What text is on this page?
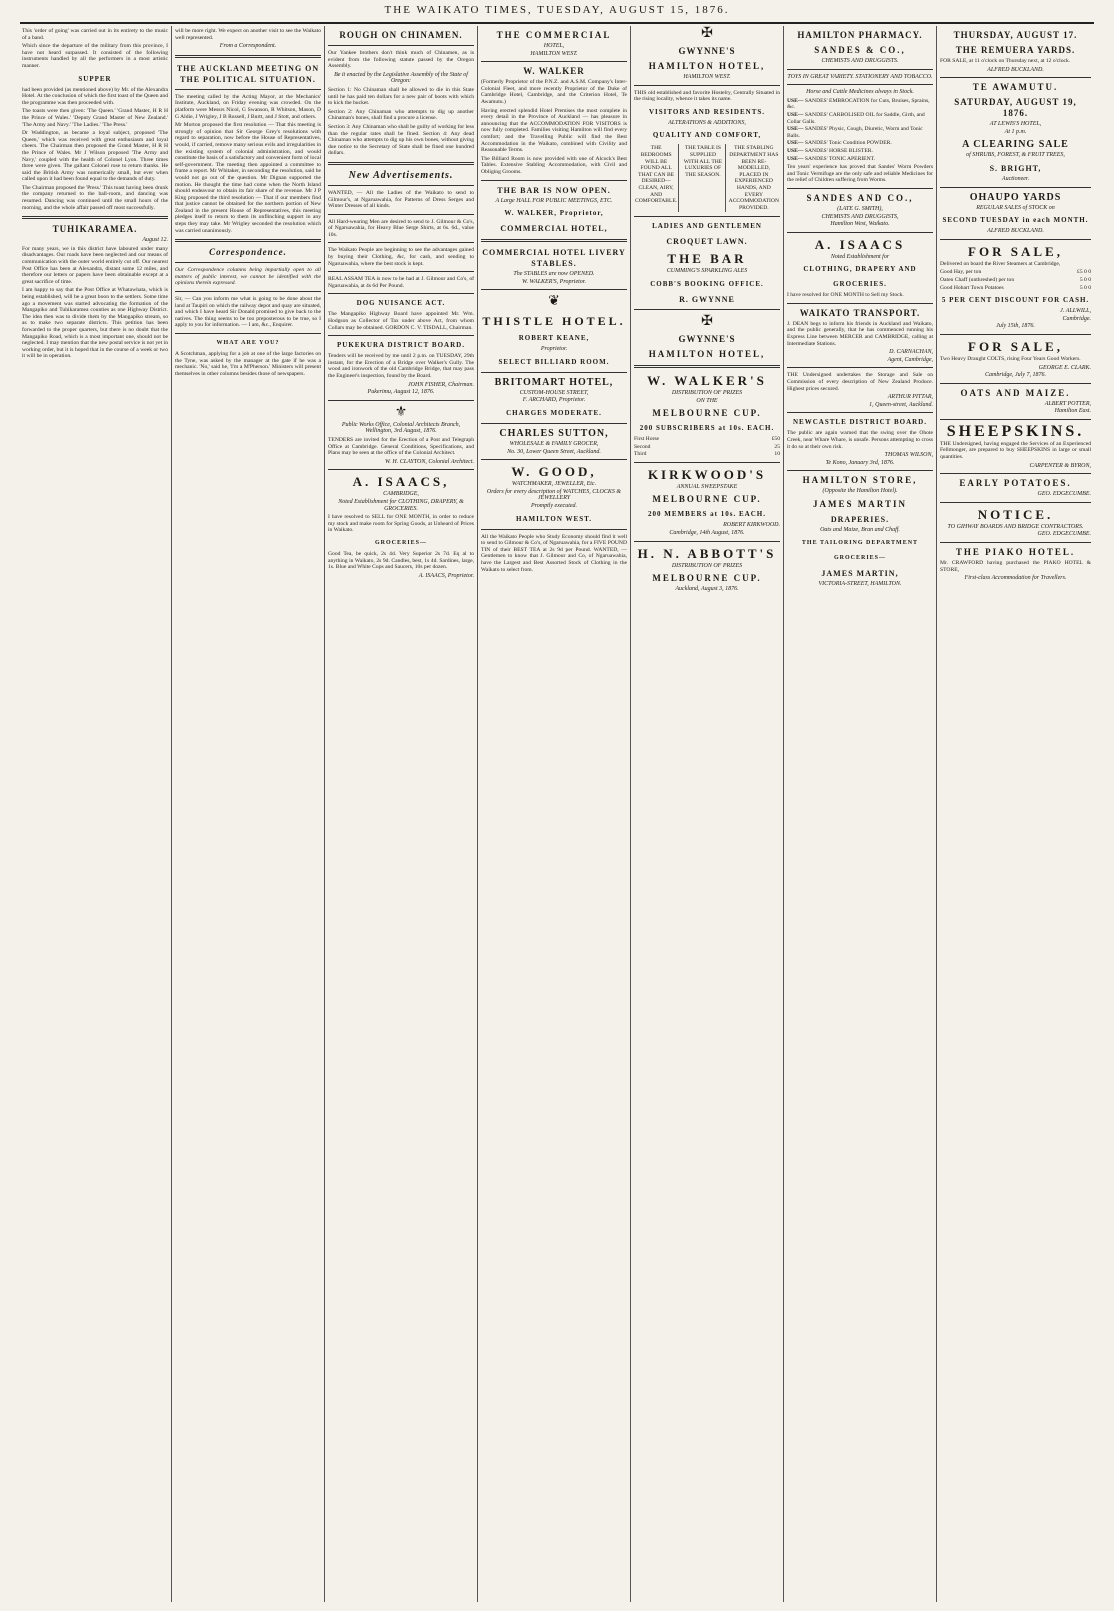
THE WAIKATO TIMES, TUESDAY, AUGUST 15, 1876.
This 'order of going' was carried out in its entirety to the music of a band.
Which since the departure of the military from this province, I have not heard surpassed. It consisted of the following instruments handled by all the performers in a most artistic manner.
SUPPER
had been provided (as mentioned above) by Mr. of the Alexandra Hotel. At the conclusion of which the first toast of the Queen and the programme was then proceeded with.
The toasts were then given: 'The Queen.' 'Grand Master, H R H the Prince of Wales.' 'Deputy Grand Master of New Zealand.' 'The Army and Navy.' 'The Ladies.' 'The Press.'
Dr Waddington, as became a loyal subject, proposed 'The Queen,' which was received with great enthusiasm and loyal cheers. The Chairman then proposed the Grand Master, H R H the Prince of Wales. Mr J Wilson proposed 'The Army and Navy,' coupled with the health of Colonel Lyon. Three times three were given. The gallant Colonel rose to return thanks. He said the British Army was numerically small, but ever when called upon it had been found equal to the demands of duty.
The Chairman proposed the 'Press.' This toast having been drunk the company returned to the ball-room, and dancing was resumed. Dancing was continued until the small hours of the morning, and the whole affair passed off most successfully.
TUHIKARAMEA.
August 12.
For many years, we in this district have laboured under many disadvantages. Our roads have been neglected and our means of communication with the outer world entirely cut off. Our nearest Post Office has been at Alexandra, distant some 12 miles, and therefore our letters or papers have been obtainable except at a great sacrifice of time.
I am happy to say that the Post Office at Whatawhata, which is being established, will be a great boon to the settlers. Some time ago a movement was started advocating the formation of the Mangapiko and Tuhikaramea counties as one Highway District. The idea then was to divide them by the Mangapiko stream, so as to make two separate districts. This petition has been forwarded to the proper quarters, but there is no doubt that the Mangapiko Road, which is a most important one, should not be neglected. I may mention that the new postal service is not yet in working order, but it is hoped that in the course of a week or two it will be in operation.
will be more right. We expect on another visit to see the Waikato well represented.
From a Correspondent.
THE AUCKLAND MEETING ON THE POLITICAL SITUATION.
The meeting called by the Acting Mayor, at the Mechanics' Institute, Auckland, on Friday evening was crowded. On the platform were Messrs Nicol, G Swanson, R Whitson, Mason, D G Aldie, J Wrigley, J B Russell, J Burtt, and J Stott, and others.
Mr Morton proposed the first resolution — That this meeting is strongly of opinion that Sir George Grey's resolutions with regard to separation, now before the House of Representatives, would, if carried, remove many serious evils and irregularities in the existing system of colonial administration, and would constitute the basis of a satisfactory and convenient form of local self-government. The meeting then appointed a committee to frame a report. Mr Whitaker, in seconding the resolution, said he would not go out of the question. Mr Dignan supported the motion. He thought the time had come when the North Island should endeavour to obtain its fair share of the revenue. Mr J P King proposed the third resolution — That if our members find that justice cannot be obtained for the northern portion of New Zealand in the present House of Representatives, this meeting pledges itself to return to them its unflinching support in any steps they may take. Mr Wrigley seconded the resolution which was carried unanimously.
Correspondence.
Our Correspondence columns being impartially open to all matters of public interest, we cannot be identified with the opinions therein expressed.
Sir, — Can you inform me what is going to be done about the land at Taupiri on which the railway depot and quay are situated, and which I have heard Sir Donald promised to give back to the natives. The thing seems to be too preposterous to be true, so I apply to you for information. — I am, &c., Enquirer.
WHAT ARE YOU?
A Scotchman, applying for a job at one of the large factories on the Tyne, was asked by the manager at the gate if he was a mechanic. 'No,' said he, 'I'm a M'Pherson.' Ministers will present themselves in other columns besides those of newspapers.
ROUGH ON CHINAMEN.
Our Yankee brothers don't think much of Chinamen, as is evident from the following statute passed by the Oregon Assembly.
Be it enacted by the Legislative Assembly of the State of Oregon:
Section 1: No Chinaman shall be allowed to die in this State until he has paid ten dollars for a new pair of boots with which to kick the bucket.
Section 2: Any Chinaman who attempts to dig up another Chinaman's bones, shall find a procure a license.
Section 3: Any Chinaman who shall be guilty of working for less than the regular rates shall be fined. Section 4: Any dead Chinaman who attempts to dig up his own bones, without giving due notice to the Secretary of State shall be fined one hundred dollars.
New Advertisements.
WANTED, — All the Ladies of the Waikato to send to Gilmour's, at Ngaruawahia, for Patterns of Dress Serges and Winter Dresses of all kinds.
All Hard-wearing Men are desired to send to J. Gilmour & Co's, of Ngaruawahia, for Heavy Blue Serge Shirts, at 6s. 6d., value 10s.
The Waikato People are beginning to see the advantages gained by buying their Clothing, &c, for cash, and sending to Ngaruawahia, where the best stock is kept.
REAL ASSAM TEA is now to be had at J. Gilmour and Co's, of Ngaruawahia, at 4s 6d Per Pound.
DOG NUISANCE ACT.
The Mangapiko Highway Board have appointed Mr. Wm. Hodgson as Collector of Tax under above Act, from whom Collars may be obtained. GORDON C. V. TISDALL, Chairman.
PUKEKURA DISTRICT BOARD.
Tenders will be received by me until 2 p.m. on TUESDAY, 29th instant, for the Erection of a Bridge over Walker's Gully. The wood and ironwork of the old Cambridge Bridge, that may pass the Engineer's inspection, found by the Board.
JOHN FISHER, Chairman.
Pukerimu, August 12, 1876.
⚜
Public Works Office, Colonial Architects Branch, Wellington, 3rd August, 1876.
TENDERS are invited for the Erection of a Post and Telegraph Office at Cambridge. General Conditions, Specifications, and Plans may be seen at the office of the Colonial Architect.
W. H. CLAYTON, Colonial Architect.
A. ISAACS,
CAMBRIDGE,
Noted Establishment for CLOTHING, DRAPERY, & GROCERIES.
I have resolved to SELL for ONE MONTH, in order to reduce my stock and make room for Spring Goods, at Unheard of Prices in Waikato.
GROCERIES—
Good Tea, be quick, 2s 4d. Very Superior 2s 7d. Eq al to anything in Waikato, 2s 9d. Candles, best, 1s 4d. Sardines, large, 1s. Blue and White Cups and Saucers, 10s per dozen.
A. ISAACS, Proprietor.
THE COMMERCIAL
HOTEL,
HAMILTON WEST.
W. WALKER
(Formerly Proprietor of the P.N.Z. and A.S.M. Company's Inter-Colonial Fleet, and more recently Proprietor of the Duke of Cambridge Hotel, Cambridge, and the Criterion Hotel, Te Awamutu.)
Having erected splendid Hotel Premises the most complete in every detail in the Province of Auckland — has pleasure in announcing that the ACCOMMODATION FOR VISITORS is now fully completed. Families visiting Hamilton will find every comfort; and the Travelling Public will find the Best Accommodation in the Waikato, combined with Civility and Reasonable Terms.
The Billiard Room is now provided with one of Alcock's Best Tables. Extensive Stabling Accommodation, with Civil and Obliging Grooms.
THE BAR IS NOW OPEN.
A Large HALL FOR PUBLIC MEETINGS, ETC.
W. WALKER, Proprietor,
COMMERCIAL HOTEL,
COMMERCIAL HOTEL LIVERY STABLES.
The STABLES are now OPENED.
W. WALKER'S, Proprietor.
❦
THISTLE HOTEL.
ROBERT KEANE,
Proprietor.
SELECT BILLIARD ROOM.
BRITOMART HOTEL,
CUSTOM-HOUSE STREET,
F. ARCHARD, Proprietor.
CHARGES MODERATE.
CHARLES SUTTON,
WHOLESALE & FAMILY GROCER,
No. 30, Lower Queen Street, Auckland.
W. GOOD,
WATCHMAKER, JEWELLER, Etc.
Orders for every description of WATCHES, CLOCKS & JEWELLERY
Promptly executed.
HAMILTON WEST.
All the Waikato People who Study Economy should find it well to send to Gilmour & Co's, of Ngaruawahia, for a FIVE POUND TIN of their BEST TEA at 2s 9d per Pound. WANTED, — Gentlemen to know that J. Gilmour and Co, of Ngaruawahia, have the Largest and Best Assorted Stock of Clothing in the Waikato to select from.
✠
GWYNNE'S
HAMILTON HOTEL,
HAMILTON WEST.
THIS old established and favorite Hostelry, Centrally Situated in the rising locality, whence it takes its name.
VISITORS AND RESIDENTS.
ALTERATIONS & ADDITIONS,
QUALITY AND COMFORT,
THE BEDROOMS WILL BE FOUND ALL THAT CAN BE DESIRED—CLEAN, AIRY, AND COMFORTABLE.
THE TABLE IS SUPPLIED WITH ALL THE LUXURIES OF THE SEASON.
THE STABLING DEPARTMENT HAS BEEN RE-MODELLED, PLACED IN EXPERIENCED HANDS, AND EVERY ACCOMMODATION PROVIDED.
LADIES AND GENTLEMEN
CROQUET LAWN.
THE BAR
CUMMING'S SPARKLING ALES
COBB'S BOOKING OFFICE.
R. GWYNNE
✠
GWYNNE'S
HAMILTON HOTEL,
W. WALKER'S
DISTRIBUTION OF PRIZES
ON THE
MELBOURNE CUP.
200 SUBSCRIBERS at 10s. EACH.
First Horse	£50
Second	25
Third	10
KIRKWOOD'S
ANNUAL SWEEPSTAKE
MELBOURNE CUP.
200 MEMBERS at 10s. EACH.
ROBERT KIRKWOOD.
Cambridge, 14th August, 1876.
H. N. ABBOTT'S
DISTRIBUTION OF PRIZES
MELBOURNE CUP.
Auckland, August 3, 1876.
HAMILTON PHARMACY.
SANDES & CO.,
CHEMISTS AND DRUGGISTS.
TOYS IN GREAT VARIETY. STATIONERY AND TOBACCO.
Horse and Cattle Medicines always in Stock.
USE— SANDES' EMBROCATION for Cuts, Bruises, Sprains, &c.
USE— SANDES' CARBOLISED OIL for Saddle, Girth, and Collar Galls.
USE— SANDES' Physic, Cough, Diuretic, Worm and Tonic Balls.
USE— SANDES' Tonic Condition POWDER.
USE— SANDES' HORSE BLISTER.
USE— SANDES' TONIC APERIENT.
Ten years' experience has proved that Sandes' Worm Powders and Tonic Vermifuge are the only safe and reliable Medicines for the relief of Children suffering from Worms.
SANDES AND CO.,
(LATE G. SMITH),
CHEMISTS AND DRUGGISTS,
Hamilton West, Waikato.
A. ISAACS
Noted Establishment for
CLOTHING, DRAPERY AND
GROCERIES.
I have resolved for ONE MONTH to Sell my Stock.
WAIKATO TRANSPORT.
J. DEAN begs to inform his friends in Auckland and Waikato, and the public generally, that he has commenced running his Express Line between MERCER and CAMBRIDGE, calling at Intermediate Stations.
D. CARNACHAN,
Agent, Cambridge,
THE Undersigned undertakes the Storage and Sale on Commission of every description of New Zealand Produce. Highest prices secured.
ARTHUR PITTAR,
1, Queen-street, Auckland.
NEWCASTLE DISTRICT BOARD.
The public are again warned that the swing over the Ohote Creek, near Whare Whare, is unsafe. Persons attempting to cross it do so at their own risk.
THOMAS WILSON,
Te Kono, January 3rd, 1876.
HAMILTON STORE,
(Opposite the Hamilton Hotel).
JAMES MARTIN
DRAPERIES.
Oats and Maize, Bran and Chaff.
THE TAILORING DEPARTMENT
GROCERIES—
JAMES MARTIN,
VICTORIA-STREET, HAMILTON.
THURSDAY, AUGUST 17.
THE REMUERA YARDS.
FOR SALE, at 11 o'clock on Thursday next, at 12 o'clock.
ALFRED BUCKLAND.
TE AWAMUTU.
SATURDAY, AUGUST 19, 1876.
AT LEWIS'S HOTEL,
At 1 p.m.
A CLEARING SALE
of SHRUBS, FOREST, & FRUIT TREES,
S. BRIGHT,
Auctioneer.
OHAUPO YARDS
REGULAR SALES of STOCK on
SECOND TUESDAY in each MONTH.
ALFRED BUCKLAND.
FOR SALE,
Delivered on board the River Steamers at Cambridge,
Good Hay, per ton	£5 0 0
Oaten Chaff (unthreshed) per ton	5 0 0
Good Hobart Town Potatoes	5 0 0
5 PER CENT DISCOUNT FOR CASH.
J. ALLWILL,
Cambridge.
July 15th, 1876.
FOR SALE,
Two Heavy Draught COLTS, rising Four Years Good Workers.
GEORGE E. CLARK.
Cambridge, July 7, 1876.
OATS AND MAIZE.
ALBERT POTTER,
Hamilton East.
SHEEPSKINS.
THE Undersigned, having engaged the Services of an Experienced Fellmonger, are prepared to buy SHEEPSKINS in large or small quantities.
CARPENTER & BYRON,
EARLY POTATOES.
GEO. EDGECUMBE.
NOTICE.
TO GIHWAY BOARDS AND BRIDGE CONTRACTORS.
GEO. EDGECUMBE.
THE PIAKO HOTEL.
Mr. CRAWFORD having purchased the PIAKO HOTEL & STORE,
First-class Accommodation for Travellers.
